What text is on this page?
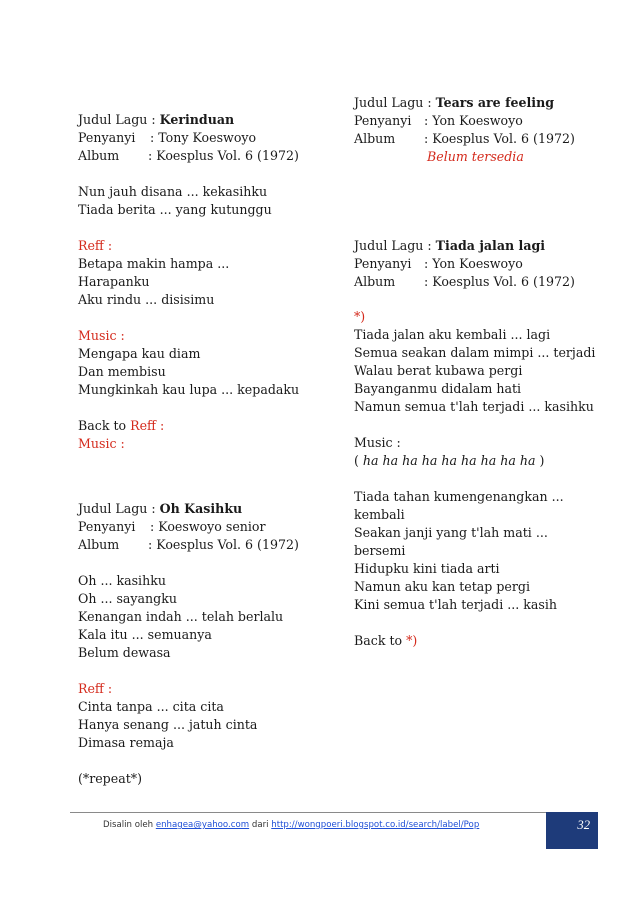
Judul Lagu : Kerinduan
Penyanyi : Tony Koeswoyo
Album : Koesplus Vol. 6 (1972)
Nun jauh disana ... kekasihku
Tiada berita ... yang kutunggu
Reff :
Betapa makin hampa ...
Harapanku
Aku rindu ... disisimu
Music :
Mengapa kau diam
Dan membisu
Mungkinkah kau lupa ... kepadaku
Back to Reff :
Music :
Judul Lagu : Oh Kasihku
Penyanyi : Koeswoyo senior
Album : Koesplus Vol. 6 (1972)
Oh ... kasihku
Oh ... sayangku
Kenangan indah ... telah berlalu
Kala itu ... semuanya
Belum dewasa
Reff :
Cinta tanpa ... cita cita
Hanya senang ... jatuh cinta
Dimasa remaja
(*repeat*)
Judul Lagu : Tears are feeling
Penyanyi : Yon Koeswoyo
Album : Koesplus Vol. 6 (1972)
Belum tersedia
Judul Lagu : Tiada jalan lagi
Penyanyi : Yon Koeswoyo
Album : Koesplus Vol. 6 (1972)
*)
Tiada jalan aku kembali ... lagi
Semua seakan dalam mimpi ... terjadi
Walau berat kubawa pergi
Bayanganmu didalam hati
Namun semua t'lah terjadi ... kasihku
Music :
( ha ha ha ha ha ha ha ha ha )
Tiada tahan kumengenangkan ...
kembali
Seakan janji yang t'lah mati ...
bersemi
Hidupku kini tiada arti
Namun aku kan tetap pergi
Kini semua t'lah terjadi ... kasih
Back to *)
Disalin oleh enhagea@yahoo.com dari http://wongpoeri.blogspot.co.id/search/label/Pop	32
